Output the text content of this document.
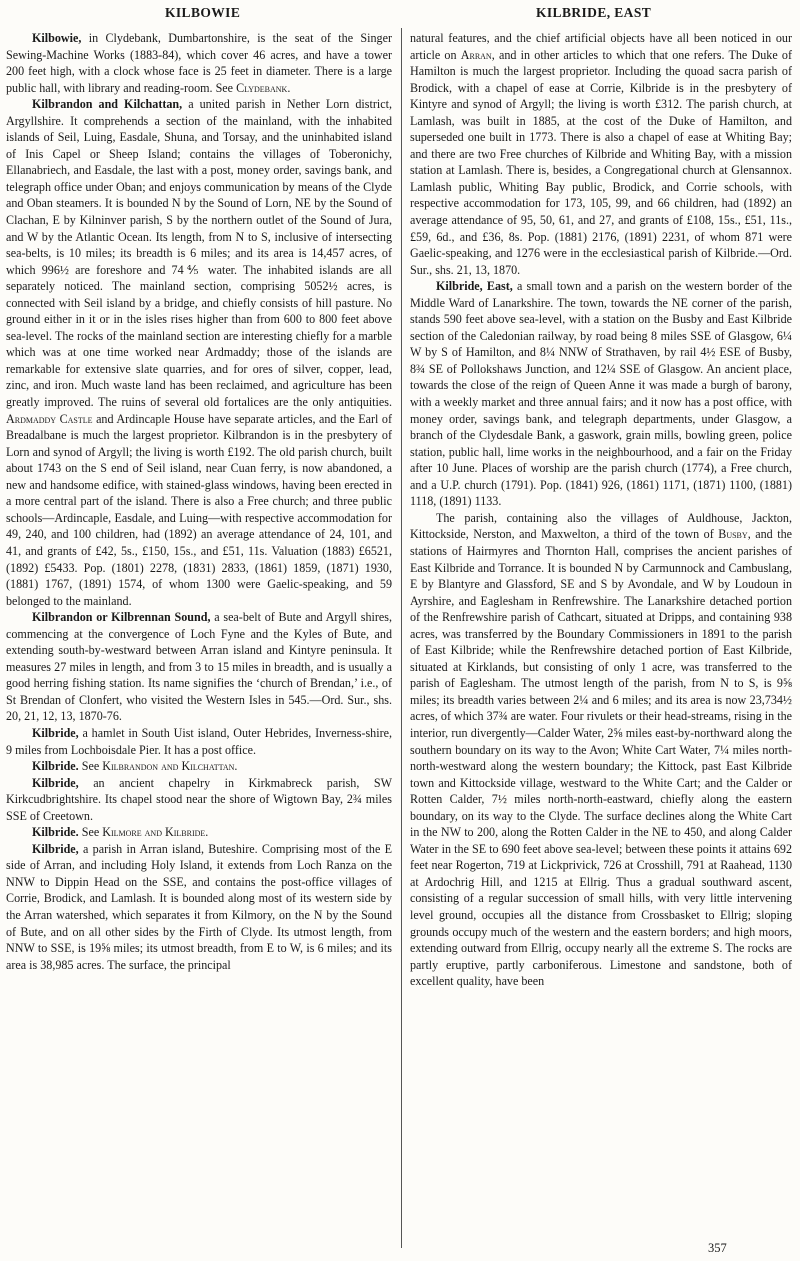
KILBOWIE	KILBRIDE, EAST

Kilbowie, in Clydebank, Dumbartonshire, is the seat of the Singer Sewing-Machine Works (1883-84), which cover 46 acres, and have a tower 200 feet high, with a clock whose face is 25 feet in diameter. There is a large public hall, with library and reading-room. See Clydebank.

Kilbrandon and Kilchattan, a united parish in Nether Lorn district, Argyllshire. It comprehends a section of the mainland, with the inhabited islands of Seil, Luing, Easdale, Shuna, and Torsay, and the uninhabited island of Inis Capel or Sheep Island; contains the villages of Toberonichy, Ellanabriech, and Easdale, the last with a post, money order, savings bank, and telegraph office under Oban; and enjoys communication by means of the Clyde and Oban steamers. It is bounded N by the Sound of Lorn, NE by the Sound of Clachan, E by Kilninver parish, S by the northern outlet of the Sound of Jura, and W by the Atlantic Ocean. Its length, from N to S, inclusive of intersecting sea-belts, is 10 miles; its breadth is 6 miles; and its area is 14,457 acres, of which 996½ are foreshore and 74⅘ water. The inhabited islands are all separately noticed. The mainland section, comprising 5052½ acres, is connected with Seil island by a bridge, and chiefly consists of hill pasture. No ground either in it or in the isles rises higher than from 600 to 800 feet above sea-level. The rocks of the mainland section are interesting chiefly for a marble which was at one time worked near Ardmaddy; those of the islands are remarkable for extensive slate quarries, and for ores of silver, copper, lead, zinc, and iron. Much waste land has been reclaimed, and agriculture has been greatly improved. The ruins of several old fortalices are the only antiquities. Ardmaddy Castle and Ardincaple House have separate articles, and the Earl of Breadalbane is much the largest proprietor. Kilbrandon is in the presbytery of Lorn and synod of Argyll; the living is worth £192. The old parish church, built about 1743 on the S end of Seil island, near Cuan ferry, is now abandoned, a new and handsome edifice, with stained-glass windows, having been erected in a more central part of the island. There is also a Free church; and three public schools—Ardincaple, Easdale, and Luing—with respective accommodation for 49, 240, and 100 children, had (1892) an average attendance of 24, 101, and 41, and grants of £42, 5s., £150, 15s., and £51, 11s. Valuation (1883) £6521, (1892) £5433. Pop. (1801) 2278, (1831) 2833, (1861) 1859, (1871) 1930, (1881) 1767, (1891) 1574, of whom 1300 were Gaelic-speaking, and 59 belonged to the mainland.

Kilbrandon or Kilbrennan Sound, a sea-belt of Bute and Argyll shires, commencing at the convergence of Loch Fyne and the Kyles of Bute, and extending south-by-westward between Arran island and Kintyre peninsula. It measures 27 miles in length, and from 3 to 15 miles in breadth, and is usually a good herring fishing station. Its name signifies the ‘church of Brendan,’ i.e., of St Brendan of Clonfert, who visited the Western Isles in 545.—Ord. Sur., shs. 20, 21, 12, 13, 1870-76.

Kilbride, a hamlet in South Uist island, Outer Hebrides, Inverness-shire, 9 miles from Lochboisdale Pier. It has a post office.

Kilbride. See Kilbrandon and Kilchattan.

Kilbride, an ancient chapelry in Kirkmabreck parish, SW Kirkcudbrightshire. Its chapel stood near the shore of Wigtown Bay, 2¾ miles SSE of Creetown.

Kilbride. See Kilmore and Kilbride.

Kilbride, a parish in Arran island, Buteshire. Comprising most of the E side of Arran, and including Holy Island, it extends from Loch Ranza on the NNW to Dippin Head on the SSE, and contains the post-office villages of Corrie, Brodick, and Lamlash. It is bounded along most of its western side by the Arran watershed, which separates it from Kilmory, on the N by the Sound of Bute, and on all other sides by the Firth of Clyde. Its utmost length, from NNW to SSE, is 19⅝ miles; its utmost breadth, from E to W, is 6 miles; and its area is 38,985 acres. The surface, the principal

natural features, and the chief artificial objects have all been noticed in our article on Arran, and in other articles to which that one refers. The Duke of Hamilton is much the largest proprietor. Including the quoad sacra parish of Brodick, with a chapel of ease at Corrie, Kilbride is in the presbytery of Kintyre and synod of Argyll; the living is worth £312. The parish church, at Lamlash, was built in 1885, at the cost of the Duke of Hamilton, and superseded one built in 1773. There is also a chapel of ease at Whiting Bay; and there are two Free churches of Kilbride and Whiting Bay, with a mission station at Lamlash. There is, besides, a Congregational church at Glensannox. Lamlash public, Whiting Bay public, Brodick, and Corrie schools, with respective accommodation for 173, 105, 99, and 66 children, had (1892) an average attendance of 95, 50, 61, and 27, and grants of £108, 15s., £51, 11s., £59, 6d., and £36, 8s. Pop. (1881) 2176, (1891) 2231, of whom 871 were Gaelic-speaking, and 1276 were in the ecclesiastical parish of Kilbride.—Ord. Sur., shs. 21, 13, 1870.

Kilbride, East, a small town and a parish on the western border of the Middle Ward of Lanarkshire. The town, towards the NE corner of the parish, stands 590 feet above sea-level, with a station on the Busby and East Kilbride section of the Caledonian railway, by road being 8 miles SSE of Glasgow, 6¼ W by S of Hamilton, and 8¼ NNW of Strathaven, by rail 4½ ESE of Busby, 8¾ SE of Pollokshaws Junction, and 12¼ SSE of Glasgow. An ancient place, towards the close of the reign of Queen Anne it was made a burgh of barony, with a weekly market and three annual fairs; and it now has a post office, with money order, savings bank, and telegraph departments, under Glasgow, a branch of the Clydesdale Bank, a gaswork, grain mills, bowling green, police station, public hall, lime works in the neighbourhood, and a fair on the Friday after 10 June. Places of worship are the parish church (1774), a Free church, and a U.P. church (1791). Pop. (1841) 926, (1861) 1171, (1871) 1100, (1881) 1118, (1891) 1133.

The parish, containing also the villages of Auldhouse, Jackton, Kittockside, Nerston, and Maxwelton, a third of the town of Busby, and the stations of Hairmyres and Thornton Hall, comprises the ancient parishes of East Kilbride and Torrance. It is bounded N by Carmunnock and Cambuslang, E by Blantyre and Glassford, SE and S by Avondale, and W by Loudoun in Ayrshire, and Eaglesham in Renfrewshire. The Lanarkshire detached portion of the Renfrewshire parish of Cathcart, situated at Dripps, and containing 938 acres, was transferred by the Boundary Commissioners in 1891 to the parish of East Kilbride; while the Renfrewshire detached portion of East Kilbride, situated at Kirklands, but consisting of only 1 acre, was transferred to the parish of Eaglesham. The utmost length of the parish, from N to S, is 9⅝ miles; its breadth varies between 2¼ and 6 miles; and its area is now 23,734½ acres, of which 37¾ are water. Four rivulets or their head-streams, rising in the interior, run divergently—Calder Water, 2⅝ miles east-by-northward along the southern boundary on its way to the Avon; White Cart Water, 7¼ miles north-north-westward along the western boundary; the Kittock, past East Kilbride town and Kittockside village, westward to the White Cart; and the Calder or Rotten Calder, 7½ miles north-north-eastward, chiefly along the eastern boundary, on its way to the Clyde. The surface declines along the White Cart in the NW to 200, along the Rotten Calder in the NE to 450, and along Calder Water in the SE to 690 feet above sea-level; between these points it attains 692 feet near Rogerton, 719 at Lickprivick, 726 at Crosshill, 791 at Raahead, 1130 at Ardochrig Hill, and 1215 at Ellrig. Thus a gradual southward ascent, consisting of a regular succession of small hills, with very little intervening level ground, occupies all the distance from Crossbasket to Ellrig; sloping grounds occupy much of the western and the eastern borders; and high moors, extending outward from Ellrig, occupy nearly all the extreme S. The rocks are partly eruptive, partly carboniferous. Limestone and sandstone, both of excellent quality, have been

357
